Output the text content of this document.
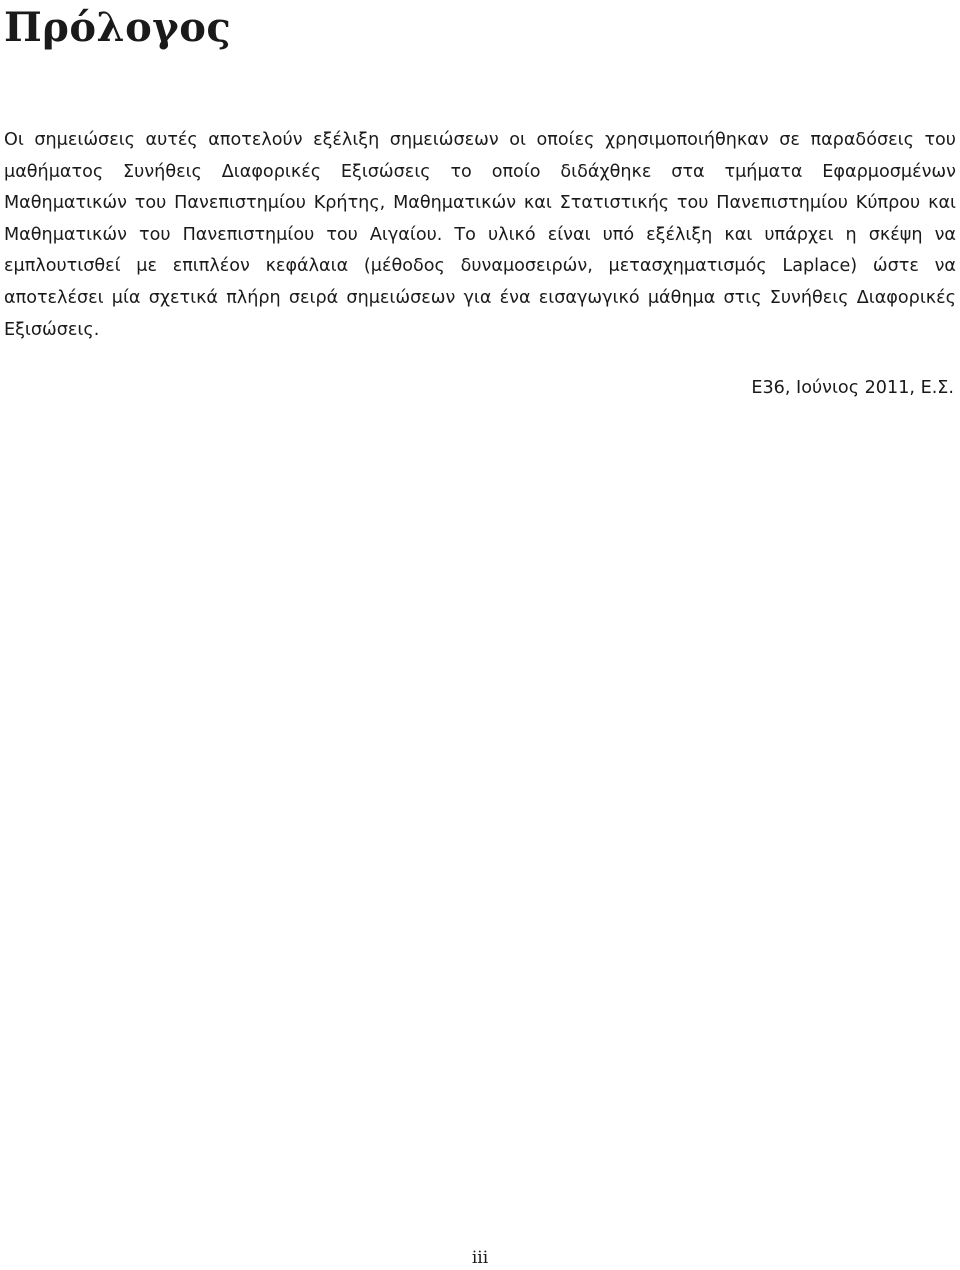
Πρόλογος

Οι σημειώσεις αυτές αποτελούν εξέλιξη σημειώσεων οι οποίες χρησιμοποιήθηκαν σε παραδόσεις του μαθήματος Συνήθεις Διαφορικές Εξισώσεις το οποίο διδάχθηκε στα τμήματα Εφαρμοσμένων Μαθηματικών του Πανεπιστημίου Κρήτης, Μαθηματικών και Στατιστικής του Πανεπιστημίου Κύπρου και Μαθηματικών του Πανεπιστημίου του Αιγαίου. Το υλικό είναι υπό εξέλιξη και υπάρχει η σκέψη να εμπλουτισθεί με επιπλέον κεφάλαια (μέθοδος δυναμοσειρών, μετασχηματισμός Laplace) ώστε να αποτελέσει μία σχετικά πλήρη σειρά σημειώσεων για ένα εισαγωγικό μάθημα στις Συνήθεις Διαφορικές Εξισώσεις.

Ε36, Ιούνιος 2011, Ε.Σ.

iii
